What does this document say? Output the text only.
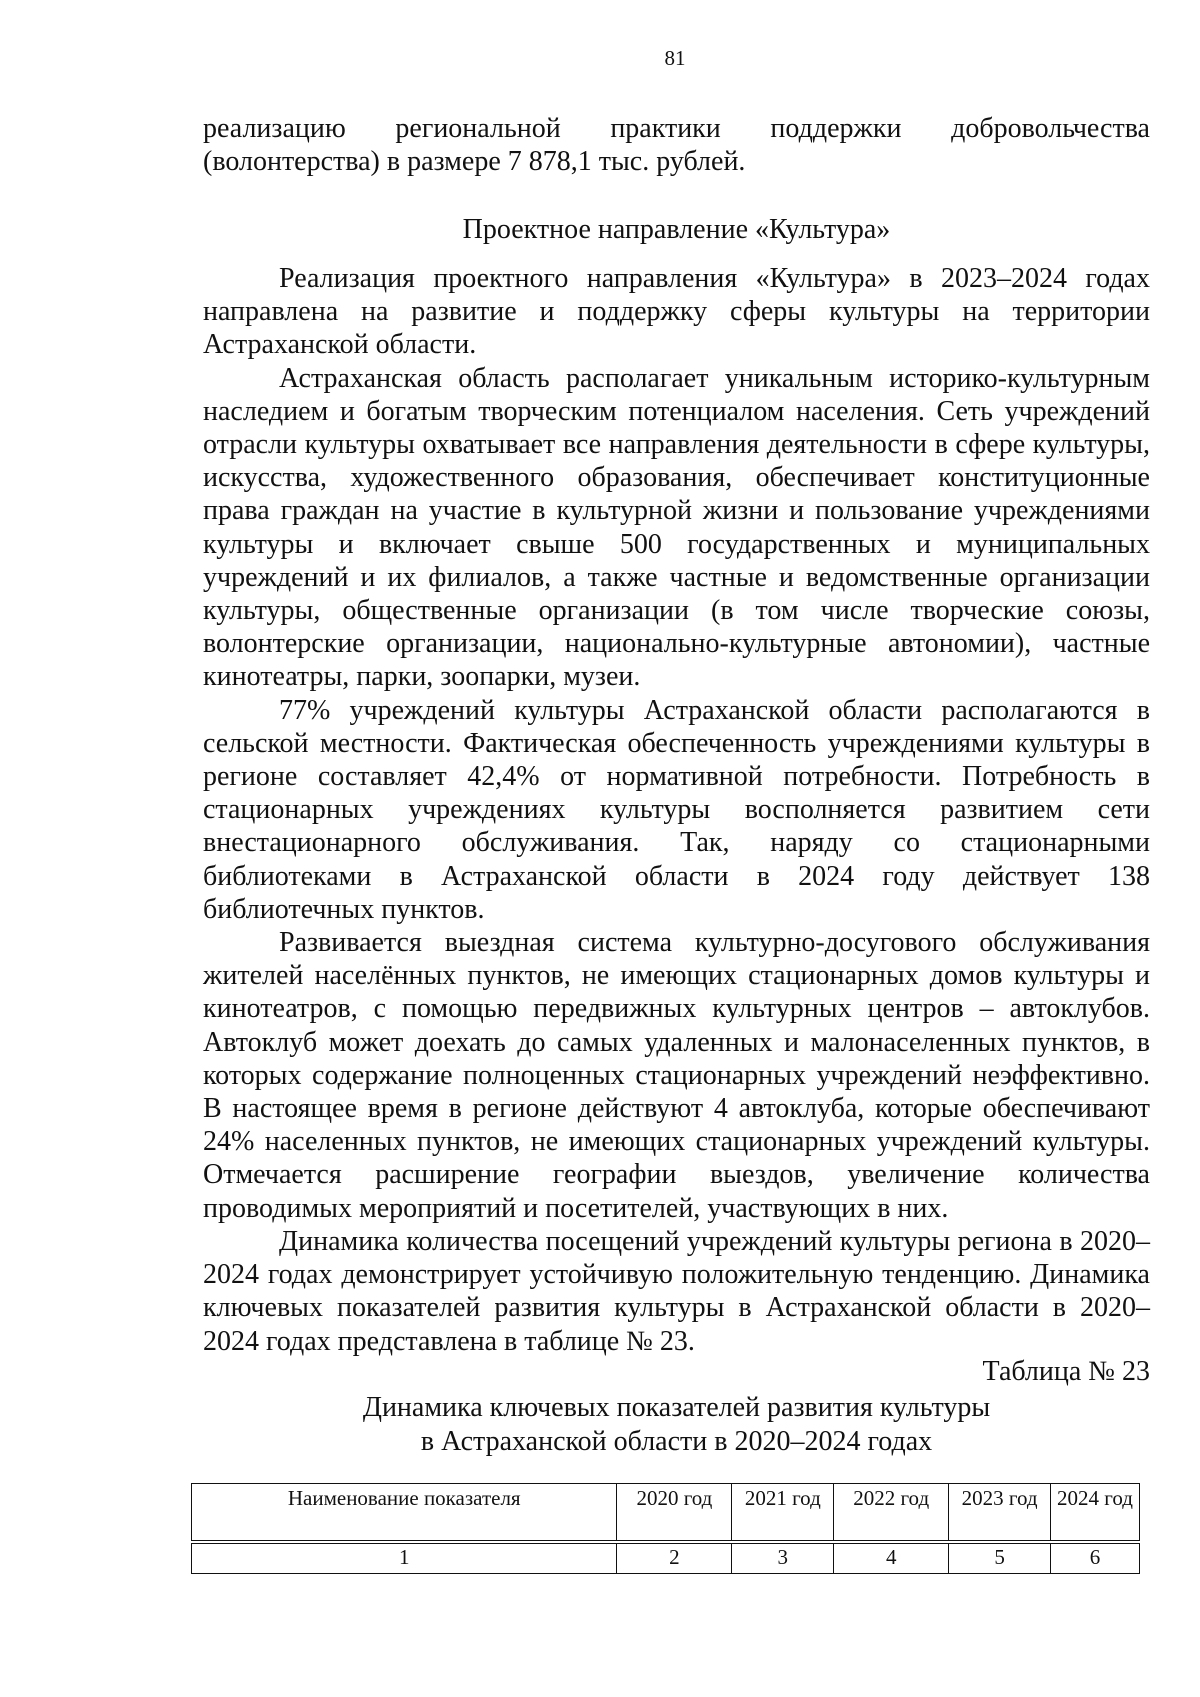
81

реализацию региональной практики поддержки добровольчества (волонтерства) в размере 7 878,1 тыс. рублей.

Проектное направление «Культура»

Реализация проектного направления «Культура» в 2023–2024 годах направлена на развитие и поддержку сферы культуры на территории Астраханской области.

Астраханская область располагает уникальным историко-культурным наследием и богатым творческим потенциалом населения. Сеть учреждений отрасли культуры охватывает все направления деятельности в сфере культуры, искусства, художественного образования, обеспечивает конституционные права граждан на участие в культурной жизни и пользование учреждениями культуры и включает свыше 500 государственных и муниципальных учреждений и их филиалов, а также частные и ведомственные организации культуры, общественные организации (в том числе творческие союзы, волонтерские организации, национально-культурные автономии), частные кинотеатры, парки, зоопарки, музеи.

77% учреждений культуры Астраханской области располагаются в сельской местности. Фактическая обеспеченность учреждениями культуры в регионе составляет 42,4% от нормативной потребности. Потребность в стационарных учреждениях культуры восполняется развитием сети внестационарного обслуживания. Так, наряду со стационарными библиотеками в Астраханской области в 2024 году действует 138 библиотечных пунктов.

Развивается выездная система культурно-досугового обслуживания жителей населённых пунктов, не имеющих стационарных домов культуры и кинотеатров, с помощью передвижных культурных центров – автоклубов. Автоклуб может доехать до самых удаленных и малонаселенных пунктов, в которых содержание полноценных стационарных учреждений неэффективно. В настоящее время в регионе действуют 4 автоклуба, которые обеспечивают 24% населенных пунктов, не имеющих стационарных учреждений культуры. Отмечается расширение географии выездов, увеличение количества проводимых мероприятий и посетителей, участвующих в них.

Динамика количества посещений учреждений культуры региона в 2020–2024 годах демонстрирует устойчивую положительную тенденцию. Динамика ключевых показателей развития культуры в Астраханской области в 2020–2024 годах представлена в таблице № 23.

Таблица № 23
Динамика ключевых показателей развития культуры
в Астраханской области в 2020–2024 годах
Наименование показателя	2020 год	2021 год	2022 год	2023 год	2024 год

1	2	3	4	5	6
